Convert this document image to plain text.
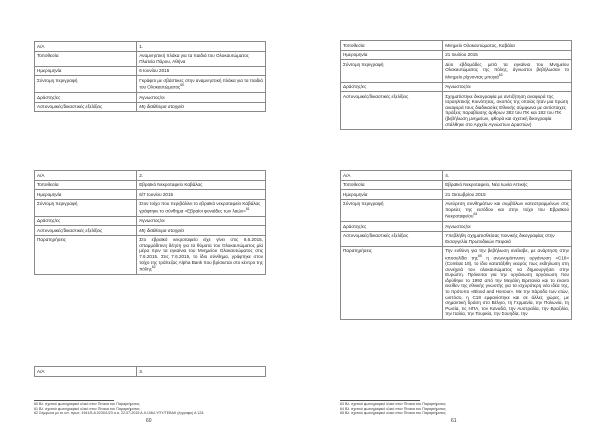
Α/Α	1.
Τοποθεσία	Αναμνηστική πλάκα για τα παιδιά του Ολοκαυτώματος Πλατεία Πάρου, Αθήνα
Ημερομηνία	6 Ιουνίου 2015
Σύντομη περιγραφή	Γκράφιτι με σβάστικες στην αναμνηστική πλάκα για τα παιδιά του Ολοκαυτώματος$^{60}$
Δράστης/ες	Άγνωστος/οι
Αστυνομικές/δικαστικές εξελίξεις	Μη διαθέσιμα στοιχεία
Α/Α	2.
Τοποθεσία	Εβραϊκό Νεκροταφείο Καβάλας
Ημερομηνία	6/7 Ιουνίου 2015
Σύντομη περιγραφή	Στον τοίχο που περιβάλλει το εβραϊκό νεκροταφείο Καβάλας γράφτηκε το σύνθημα «Εβραίοι φονιάδες των λαών»$^{61}$
Δράστης/ες	Άγνωστος/οι
Αστυνομικές/δικαστικές εξελίξεις	Μη διαθέσιμα στοιχεία
Παρατηρήσεις	Στο εβραϊκό νεκροταφείο είχε γίνει στις 6.6.2015, σπαμμάδιτινη δέηση για τα θύματα του Ολοκαυτώματος μία μέρα πριν τα εγκαίνια του Μνημείου Ολοκαυτώματος στις 7.6.2015. Στις 7.6.2015, το ίδιο σύνθημα, γράφτηκε στον τοίχο της τράπεζας Alpha Bank που βρίσκεται στο κέντρο της πόλης$^{62}$
Α/Α	3.
60 Βλ. σχετικό φωτογραφικό υλικό στον Πίνακα του Παραρτήματος
61 Βλ. σχετικό φωτογραφικό υλικό στον Πίνακα του Παραρτήματος
62 Σύμφωνα με το υπ. πρωτ. 1941/5-8-0230/1/23 α.α. 22-07-2015 Α-9-1064-ΥΠΥ/ΤΕΒΑΚ (έγγραφο) Α 124.
60
Τοποθεσία	Μνημείο Ολοκαυτώματος, Καβάλα
Ημερομηνία	21 Ιουλίου 2015
Σύντομη περιγραφή	Δύο εβδομάδες μετά τα εγκαίνια του Μνημείου Ολοκαυτώματος της πόλης, άγνωστοι βεβήλωσαν το Μνημείο ρίχνοντας μπογιά$^{63}$
Δράστης/ες	Άγνωστος/οι
Αστυνομικές/δικαστικές εξελίξεις	Σχηματίστηκε δικογραφία με αντιζήτηση αναφορά της Ισραηλιτικής Κοινότητας, σκοπός της οποίας ήταν μια πρώτη αναφορά τους διαδικασίες Εθνικής σύμφωνα με αντίστοιχες πράξεις παραβίασης άρθρων 382 του ΠΚ και 182 του ΠΚ (βεβήλωση μνημείων, φθορά και σχετική δικογραφία στάλθηκε στο Αρχείο Αγνώστων Δραστών)
Α/Α	4.
Τοποθεσία	Εβραϊκό Νεκροταφείο, Νέα Ιωνία Αττικής
Ημερομηνία	21 Οκτωβρίου 2015
Σύντομη περιγραφή	Ανεύρεση συνθημάτων και συμβόλων κατεστραμμένων στις πορείες της εισόδου και στην τοίχο του Εβραϊκού Νεκροταφείου$^{64}$
Δράστης/ες	Άγνωστος/οι
Αστυνομικές/δικαστικές εξελίξεις	Υπεβλήθη σχηματισθείσας ποινικής δικογραφίας στην Εισαγγελία Πρωτοδικών Πειραιά
Παρατηρήσεις	Την ευθύνη για την βεβήλωση ανέλαβε, με ανάρτηση στην ιστοσελίδα της$^{65}$ η ανωνυμόπνυνη οργάνωση «C18» (Combat 18), το ίδιο κατατάξιθη νεαρός πως εκδηλωση στη συνέχειά του ολοκαυτώματος να δημιουργήσει στην Ευρώπη. Πρόκειται για την οργάνωση οργάνωση που ιδρύθηκε το 1992 από την Μεγάλη Βρετανία και το έναντι εκείθεν της εθνικής γνωστής για τα ισχυρότερη νέα ιδέα της, το πρότυπο «Blood and Honour». Με την πάροδο των ετών, ωστόσο, η C18 εμφανίστηκε και σε άλλες χώρες, με σημαντική δράση στο Βέλγιο, τη Γερμανία, την Πολωνία, τη Ρωσία, τις ΗΠΑ, τον Καναδά, την Αυστραλία, την Βραζιλία, την Ιταλία, την Τουρκία, την Σουηδία, την
63 Βλ. σχετικό φωτογραφικό υλικό στον Πίνακα του Παραρτήματος
64 Βλ. σχετικό φωτογραφικό υλικό στον Πίνακα του Παραρτήματος
65 Βλ. σχετικό φωτογραφικό υλικό στον Πίνακα του Παραρτήματος
61
